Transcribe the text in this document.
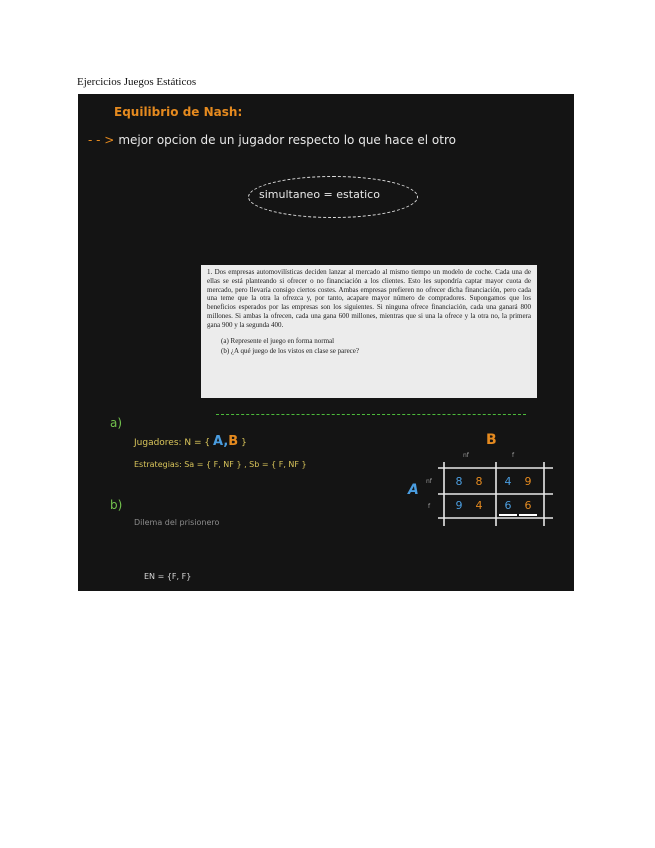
Ejercicios Juegos Estáticos
Equilibrio de Nash:
- - > mejor opcion de un jugador respecto lo que hace el otro
simultaneo = estatico

1. Dos empresas automovilísticas deciden lanzar al mercado al mismo tiempo un modelo de coche. Cada una de ellas se está planteando si ofrecer o no financiación a los clientes. Esto les supondría captar mayor cuota de mercado, pero llevaría consigo ciertos costes. Ambas empresas prefieren no ofrecer dicha financiación, pero cada una teme que la otra la ofrezca y, por tanto, acapare mayor número de compradores. Supongamos que los beneficios esperados por las empresas son los siguientes. Si ninguna ofrece financiación, cada una ganará 800 millones. Si ambas la ofrecen, cada una gana 600 millones, mientras que si una la ofrece y la otra no, la primera gana 900 y la segunda 400.

(a) Represente el juego en forma normal

(b) ¿A qué juego de los vistos en clase se parece?

a)
Jugadores: N = { A,B }
Estrategias: Sa = { F, NF } , Sb = { F, NF }
b)
Dilema del prisionero
EN = {F, F}
B
A
nf	f
nf
f
8	8	4	9
9	4	6	6
